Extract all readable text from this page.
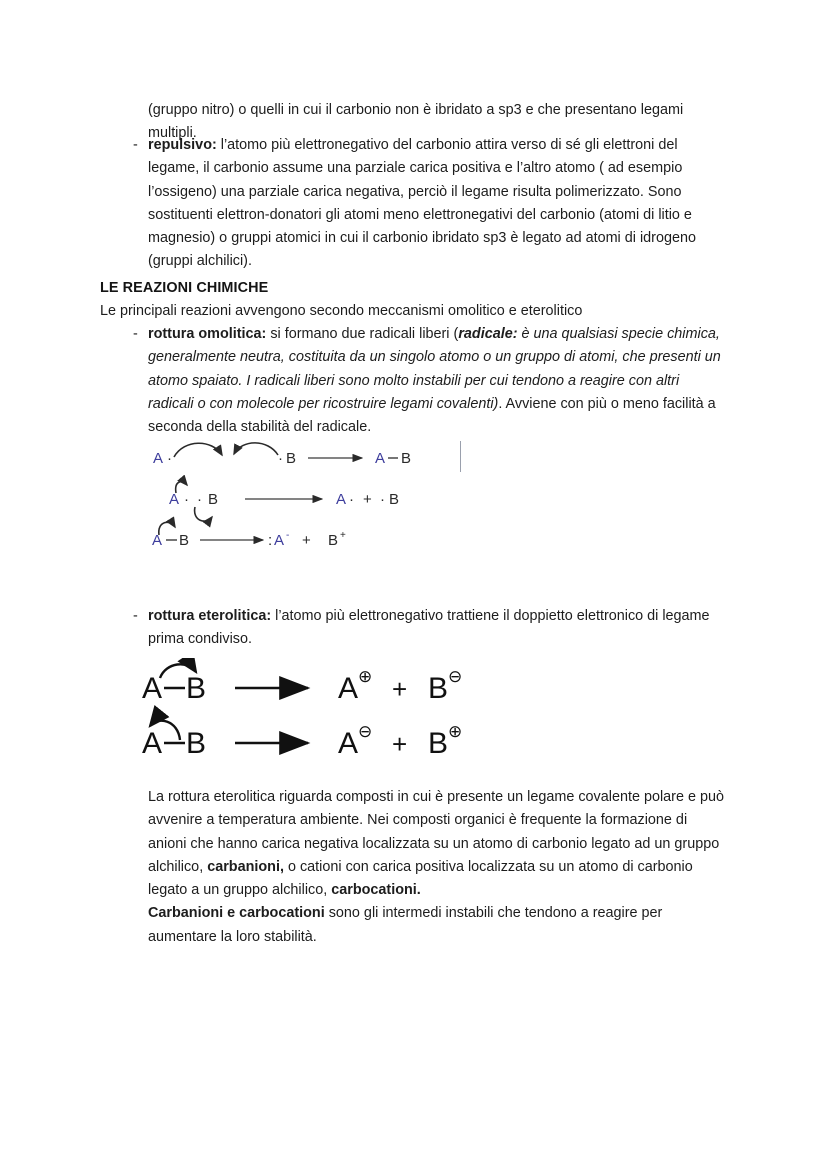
(gruppo nitro) o quelli in cui il carbonio non è ibridato a sp3 e che presentano legami multipli.
- repulsivo: l’atomo più elettronegativo del carbonio attira verso di sé gli elettroni del legame, il carbonio assume una parziale carica positiva e l’altro atomo ( ad esempio l’ossigeno) una parziale carica negativa, perciò il legame risulta polimerizzato. Sono sostituenti elettron-donatori gli atomi meno elettronegativi del carbonio (atomi di litio e magnesio) o gruppi atomici in cui il carbonio ibridato sp3 è legato ad atomi di idrogeno (gruppi alchilici).
LE REAZIONI CHIMICHE
Le principali reazioni avvengono secondo meccanismi omolitico e eterolitico
- rottura omolitica: si formano due radicali liberi (radicale: è una qualsiasi specie chimica, generalmente neutra, costituita da un singolo atomo o un gruppo di atomi, che presenti un atomo spaiato. I radicali liberi sono molto instabili per cui tendono a reagire con altri radicali o con molecole per ricostruire legami covalenti). Avviene con più o meno facilità a seconda della stabilità del radicale.
A ·	· B	A B
A · · B	A · + · B
A B	: A - + B +
- rottura eterolitica: l’atomo più elettronegativo trattiene il doppietto elettronico di legame prima condiviso.
A B	A ⊕ + B ⊖
A B	A ⊖ + B ⊕
La rottura eterolitica riguarda composti in cui è presente un legame covalente polare e può avvenire a temperatura ambiente. Nei composti organici è frequente la formazione di anioni che hanno carica negativa localizzata su un atomo di carbonio legato ad un gruppo alchilico, carbanioni, o cationi con carica positiva localizzata su un atomo di carbonio legato a un gruppo alchilico, carbocationi.
Carbanioni e carbocationi sono gli intermedi instabili che tendono a reagire per aumentare la loro stabilità.
